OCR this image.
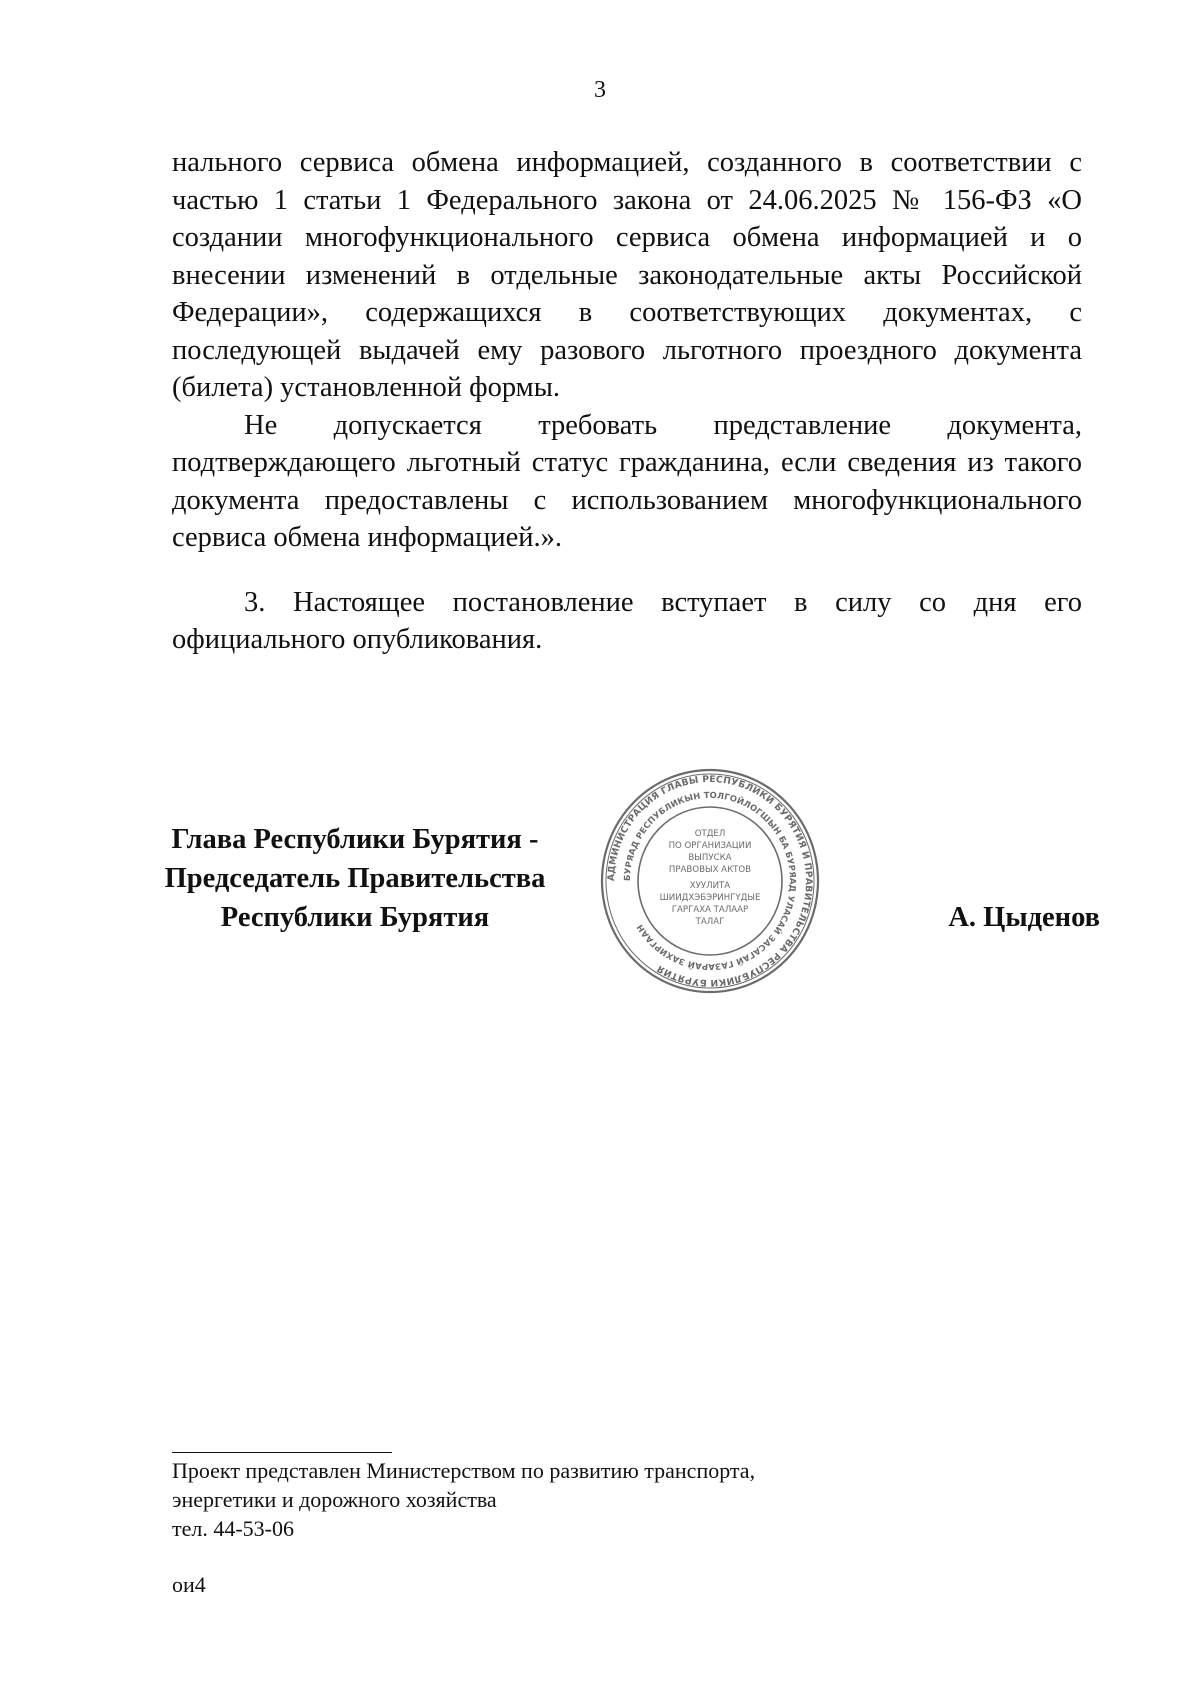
3

нального сервиса обмена информацией, созданного в соответствии с частью 1 статьи 1 Федерального закона от 24.06.2025 № 156-ФЗ «О создании многофункционального сервиса обмена информацией и о внесении изменений в отдельные законодательные акты Российской Федерации», содержащихся в соответствующих документах, с последующей выдачей ему разового льготного проездного документа (билета) установленной формы.

Не допускается требовать представление документа, подтверждающего льготный статус гражданина, если сведения из такого документа предоставлены с использованием многофункционального сервиса обмена информацией.».

3. Настоящее постановление вступает в силу со дня его официального опубликования.

Глава Республики Бурятия -
Председатель Правительства
Республики Бурятия
АДМИНИСТРАЦИЯ ГЛАВЫ РЕСПУБЛИКИ БУРЯТИЯ И ПРАВИТЕЛЬСТВА РЕСПУБЛИКИ БУРЯТИЯ
БУРЯАД РЕСПУБЛИКЫН ТОЛГОЙЛОГШЫН БА БУРЯАД УЛАСАЙ ЗАСАГАЙ ГАЗАРАЙ ЗАХИРГААН
ОТДЕЛ
ПО ОРГАНИЗАЦИИ
ВЫПУСКА
ПРАВОВЫХ АКТОВ
ХУУЛИТА
ШИИДХЭБЭРИНГҮДЫЕ
ГАРГАХА ТАЛААР
ТАЛАГ	А. Цыденов
Проект представлен Министерством по развитию транспорта,
энергетики и дорожного хозяйства
тел. 44-53-06
ои4
